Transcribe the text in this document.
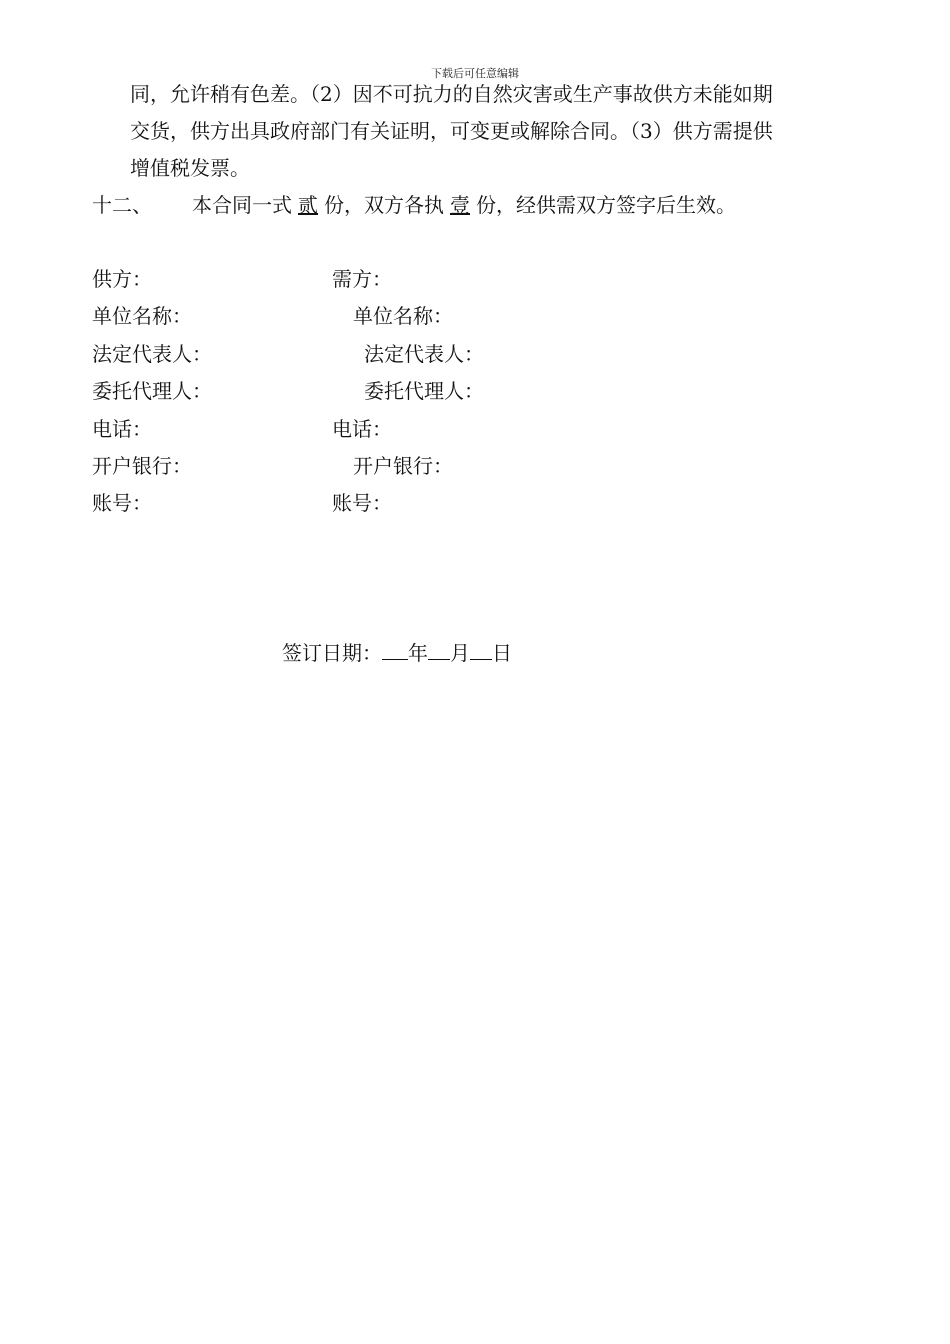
下载后可任意编辑
同，允许稍有色差。（2）因不可抗力的自然灾害或生产事故供方未能如期
交货，供方出具政府部门有关证明，可变更或解除合同。（3）供方需提供
增值税发票。
十二、 本合同一式 贰 份，双方各执 壹 份，经供需双方签字后生效。
供方：
单位名称：
法定代表人：
委托代理人：
电话：
开户银行：
账号：
需方：
单位名称：
法定代表人：
委托代理人：
电话：
开户银行：
账号：
签订日期： 年 月 日
